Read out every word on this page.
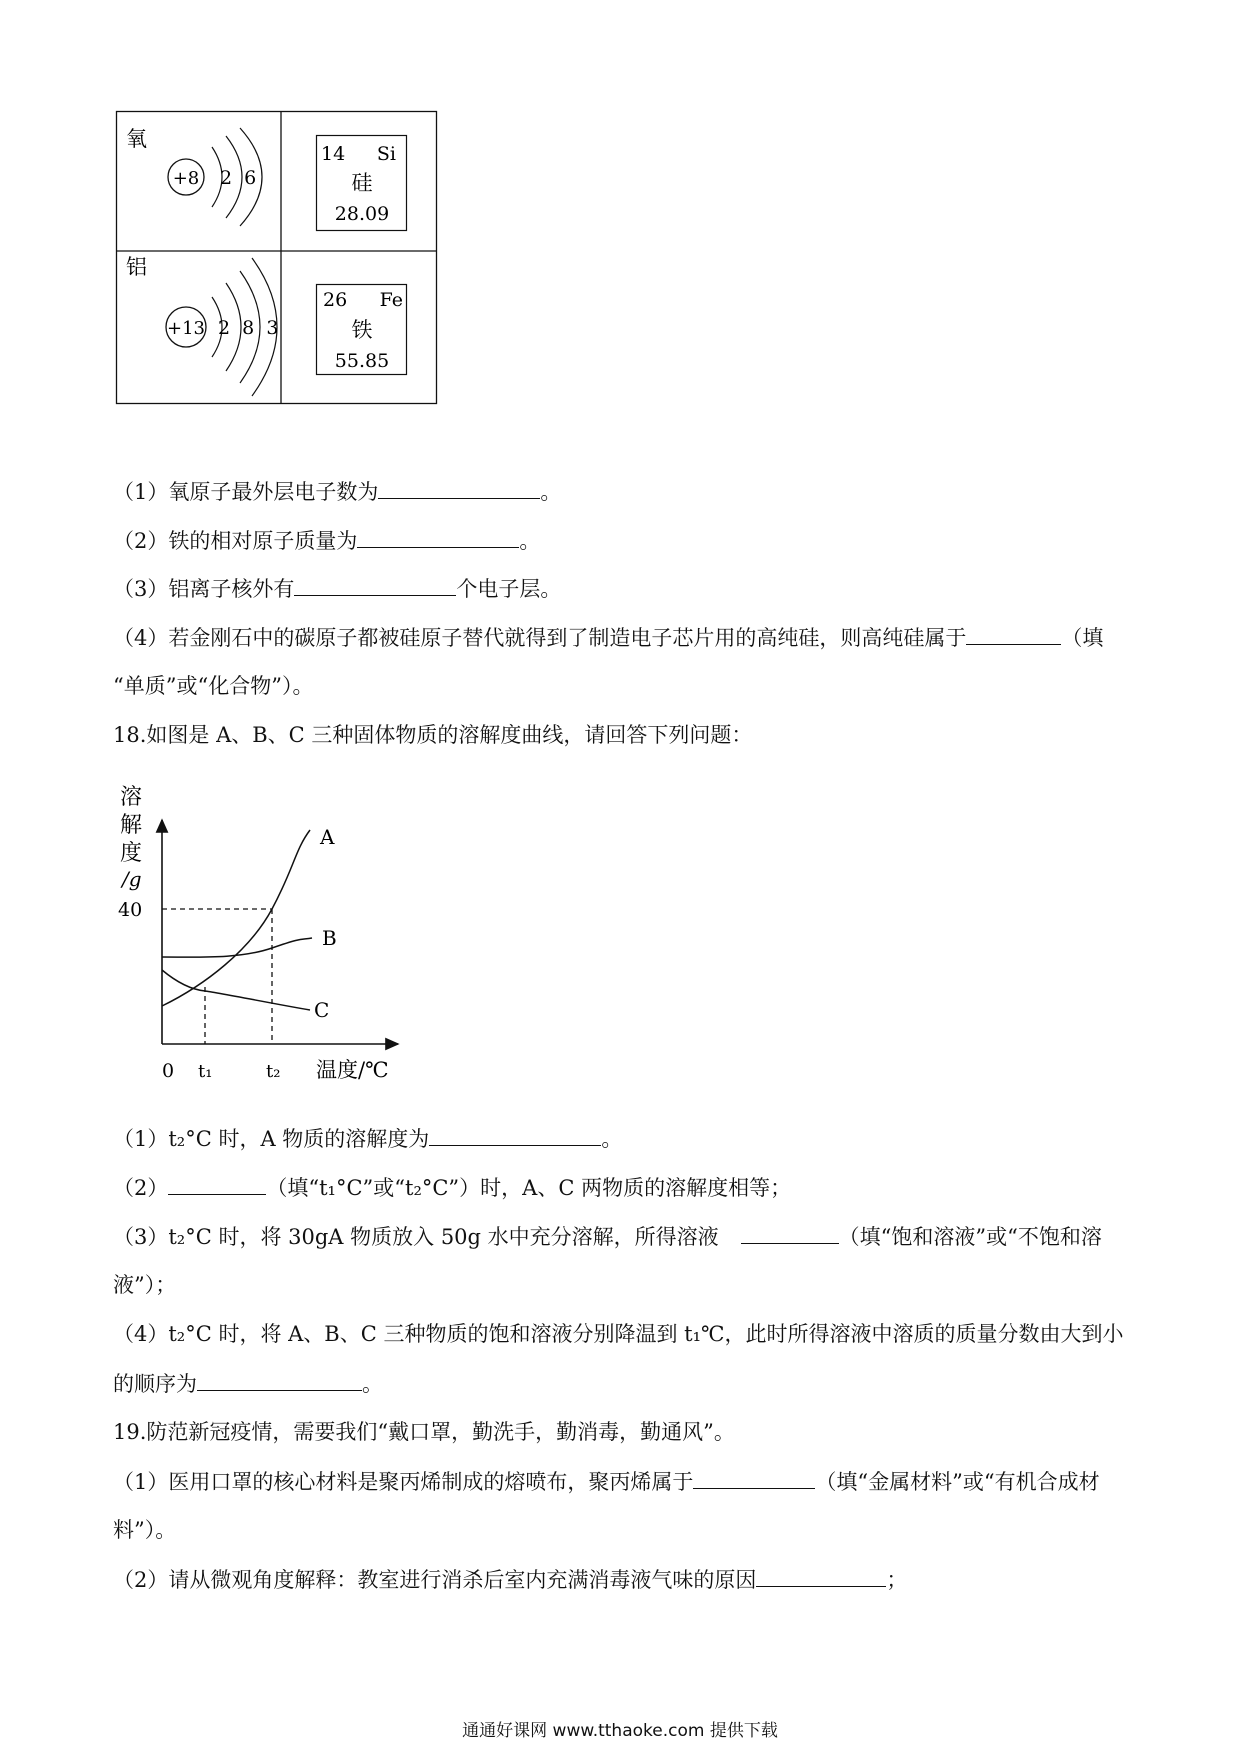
氧
+8 2  6
14 Si
硅
28.09
铝
+13 2  8  3
26 Fe
铁
55.85
（1）氧原子最外层电子数为	。
（2）铁的相对原子质量为	。
（3）铝离子核外有	个电子层。
（4）若金刚石中的碳原子都被硅原子替代就得到了制造电子芯片用的高纯硅，则高纯硅属于	（填
“单质”或“化合物”）。
18.如图是 A、B、C 三种固体物质的溶解度曲线，请回答下列问题：
溶
解
度
/g
A
B
C
40
0 t₁	t₂ 温度/℃
（1）t₂°C 时，A 物质的溶解度为	。
（2）	（填“t₁°C”或“t₂°C”）时，A、C 两物质的溶解度相等；
（3）t₂°C 时，将 30gA 物质放入 50g 水中充分溶解，所得溶液	（填“饱和溶液”或“不饱和溶
液”）；
（4）t₂°C 时，将 A、B、C 三种物质的饱和溶液分别降温到 t₁℃，此时所得溶液中溶质的质量分数由大到小
的顺序为	。
19.防范新冠疫情，需要我们“戴口罩，勤洗手，勤消毒，勤通风”。
（1）医用口罩的核心材料是聚丙烯制成的熔喷布，聚丙烯属于	（填“金属材料”或“有机合成材
料”）。
（2）请从微观角度解释：教室进行消杀后室内充满消毒液气味的原因	；
通通好课网 www.tthaoke.com 提供下载
